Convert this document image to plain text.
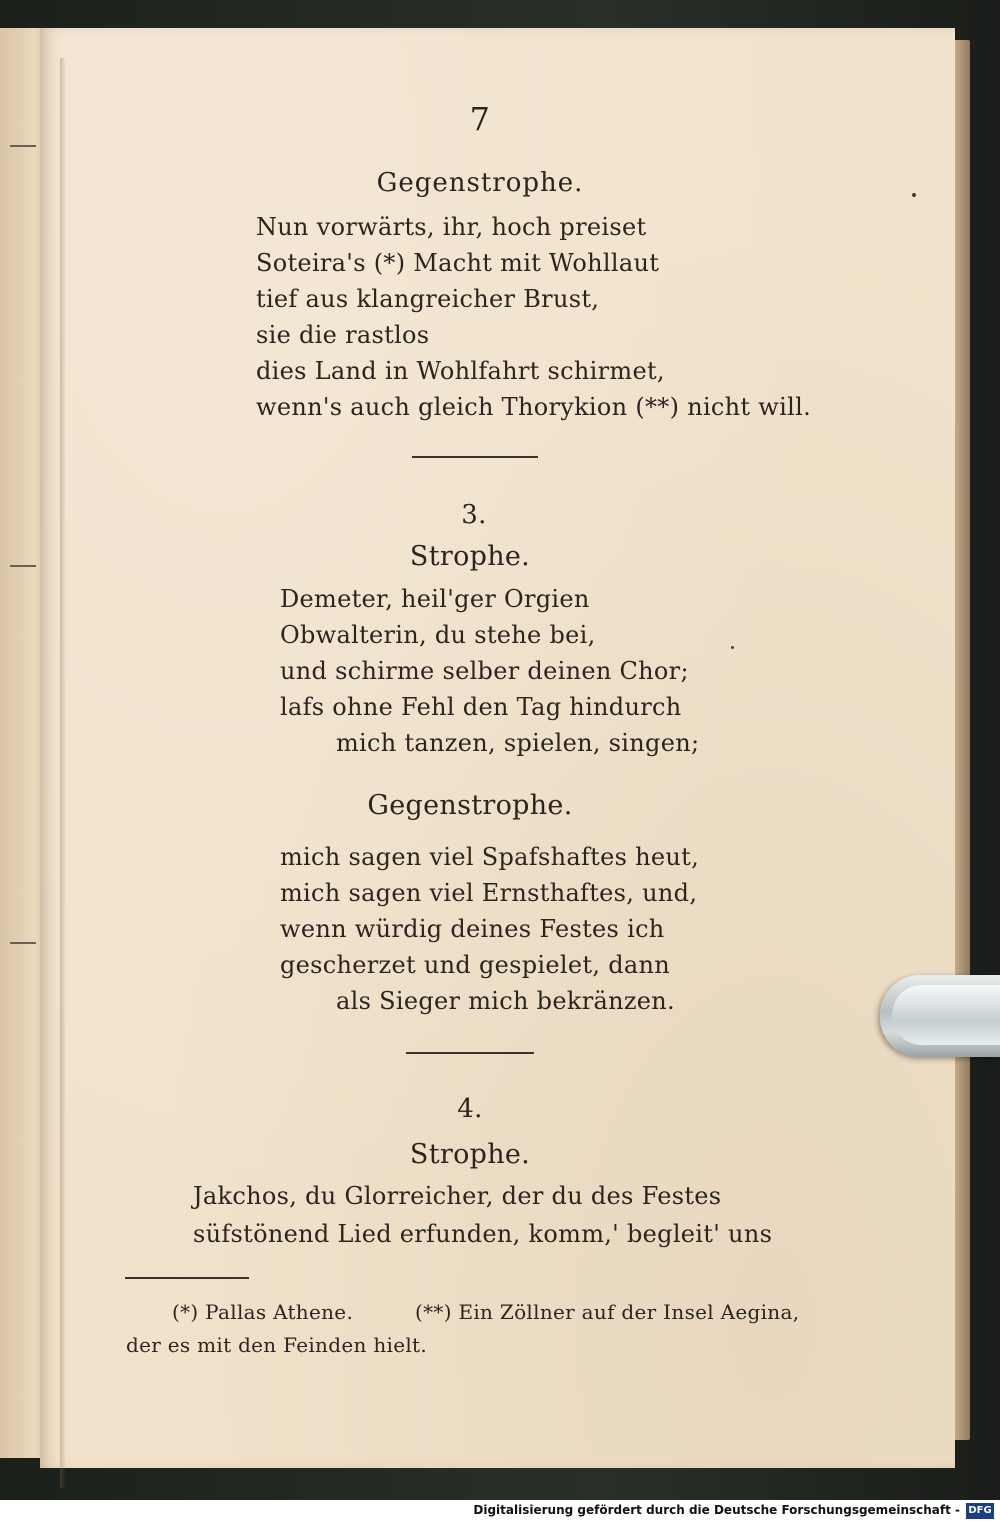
7
Gegenstrophe.
Nun vorwärts, ihr, hoch preiset
Soteira's (*) Macht mit Wohllaut
tief aus klangreicher Brust,
sie die rastlos
dies Land in Wohlfahrt schirmet,
wenn's auch gleich Thorykion (**) nicht will.
3.
Strophe.
Demeter, heil'ger Orgien
Obwalterin, du stehe bei,
und schirme selber deinen Chor;
lafs ohne Fehl den Tag hindurch
mich tanzen, spielen, singen;
Gegenstrophe.
mich sagen viel Spafshaftes heut,
mich sagen viel Ernsthaftes, und,
wenn würdig deines Festes ich
gescherzet und gespielet, dann
als Sieger mich bekränzen.
4.
Strophe.
Jakchos, du Glorreicher, der du des Festes
süfstönend Lied erfunden, komm,' begleit' uns
(*) Pallas Athene.	(**) Ein Zöllner auf der Insel Aegina,
der es mit den Feinden hielt.
Digitalisierung gefördert durch die Deutsche Forschungsgemeinschaft - DFG
